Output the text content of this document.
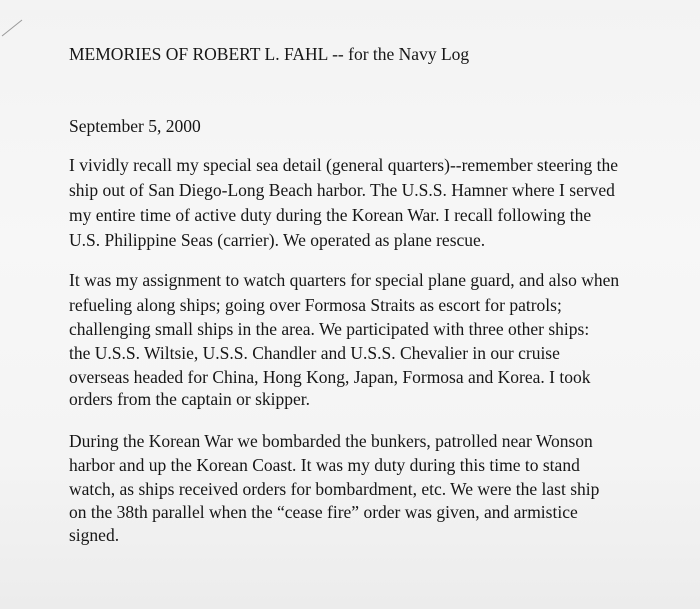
MEMORIES OF ROBERT L. FAHL -- for the Navy Log

September 5, 2000

I vividly recall my special sea detail (general quarters)--remember steering the

ship out of San Diego-Long Beach harbor. The U.S.S. Hamner where I served

my entire time of active duty during the Korean War. I recall following the

U.S. Philippine Seas (carrier). We operated as plane rescue.

It was my assignment to watch quarters for special plane guard, and also when

refueling along ships; going over Formosa Straits as escort for patrols;

challenging small ships in the area. We participated with three other ships:

the U.S.S. Wiltsie, U.S.S. Chandler and U.S.S. Chevalier in our cruise

overseas headed for China, Hong Kong, Japan, Formosa and Korea. I took

orders from the captain or skipper.

During the Korean War we bombarded the bunkers, patrolled near Wonson

harbor and up the Korean Coast. It was my duty during this time to stand

watch, as ships received orders for bombardment, etc. We were the last ship

on the 38th parallel when the “cease fire” order was given, and armistice

signed.
